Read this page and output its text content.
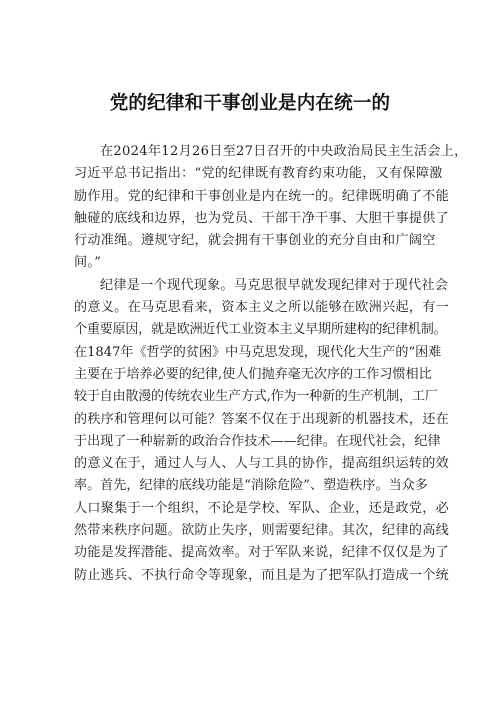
党的纪律和干事创业是内在统一的
在2024年12月26日至27日召开的中央政治局民主生活会上，
习近平总书记指出：“党的纪律既有教育约束功能，又有保障激
励作用。党的纪律和干事创业是内在统一的。纪律既明确了不能
触碰的底线和边界，也为党员、干部干净干事、大胆干事提供了
行动准绳。遵规守纪，就会拥有干事创业的充分自由和广阔空
间。”
纪律是一个现代现象。马克思很早就发现纪律对于现代社会
的意义。在马克思看来，资本主义之所以能够在欧洲兴起，有一
个重要原因，就是欧洲近代工业资本主义早期所建构的纪律机制。
在1847年《哲学的贫困》中马克思发现，现代化大生产的“困难
主要在于培养必要的纪律,使人们抛弃毫无次序的工作习惯相比
较于自由散漫的传统农业生产方式,作为一种新的生产机制，工厂
的秩序和管理何以可能？答案不仅在于出现新的机器技术，还在
于出现了一种崭新的政治合作技术——纪律。在现代社会，纪律
的意义在于，通过人与人、人与工具的协作，提高组织运转的效
率。首先，纪律的底线功能是“消除危险”、塑造秩序。当众多
人口聚集于一个组织，不论是学校、军队、企业，还是政党，必
然带来秩序问题。欲防止失序，则需要纪律。其次，纪律的高线
功能是发挥潜能、提高效率。对于军队来说，纪律不仅仅是为了
防止逃兵、不执行命令等现象，而且是为了把军队打造成一个统
